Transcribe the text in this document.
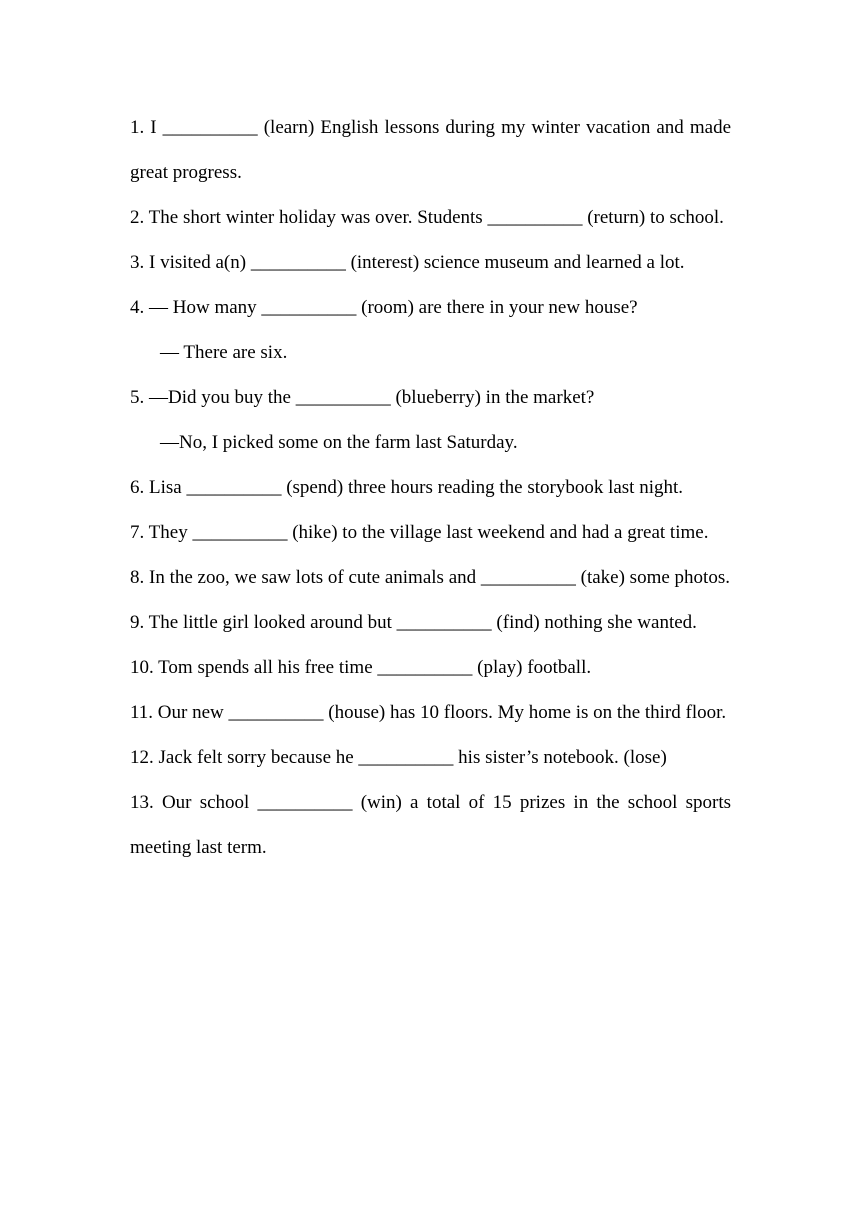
1. I __________ (learn) English lessons during my winter vacation and made great progress.

2. The short winter holiday was over. Students __________ (return) to school.

3. I visited a(n) __________ (interest) science museum and learned a lot.

4. — How many __________ (room) are there in your new house?

— There are six.

5. —Did you buy the __________ (blueberry) in the market?

—No, I picked some on the farm last Saturday.

6. Lisa __________ (spend) three hours reading the storybook last night.

7. They __________ (hike) to the village last weekend and had a great time.

8. In the zoo, we saw lots of cute animals and __________ (take) some photos.

9. The little girl looked around but __________ (find) nothing she wanted.

10. Tom spends all his free time __________ (play) football.

11. Our new __________ (house) has 10 floors. My home is on the third floor.

12. Jack felt sorry because he __________ his sister’s notebook. (lose)

13. Our school __________ (win) a total of 15 prizes in the school sports meeting last term.
